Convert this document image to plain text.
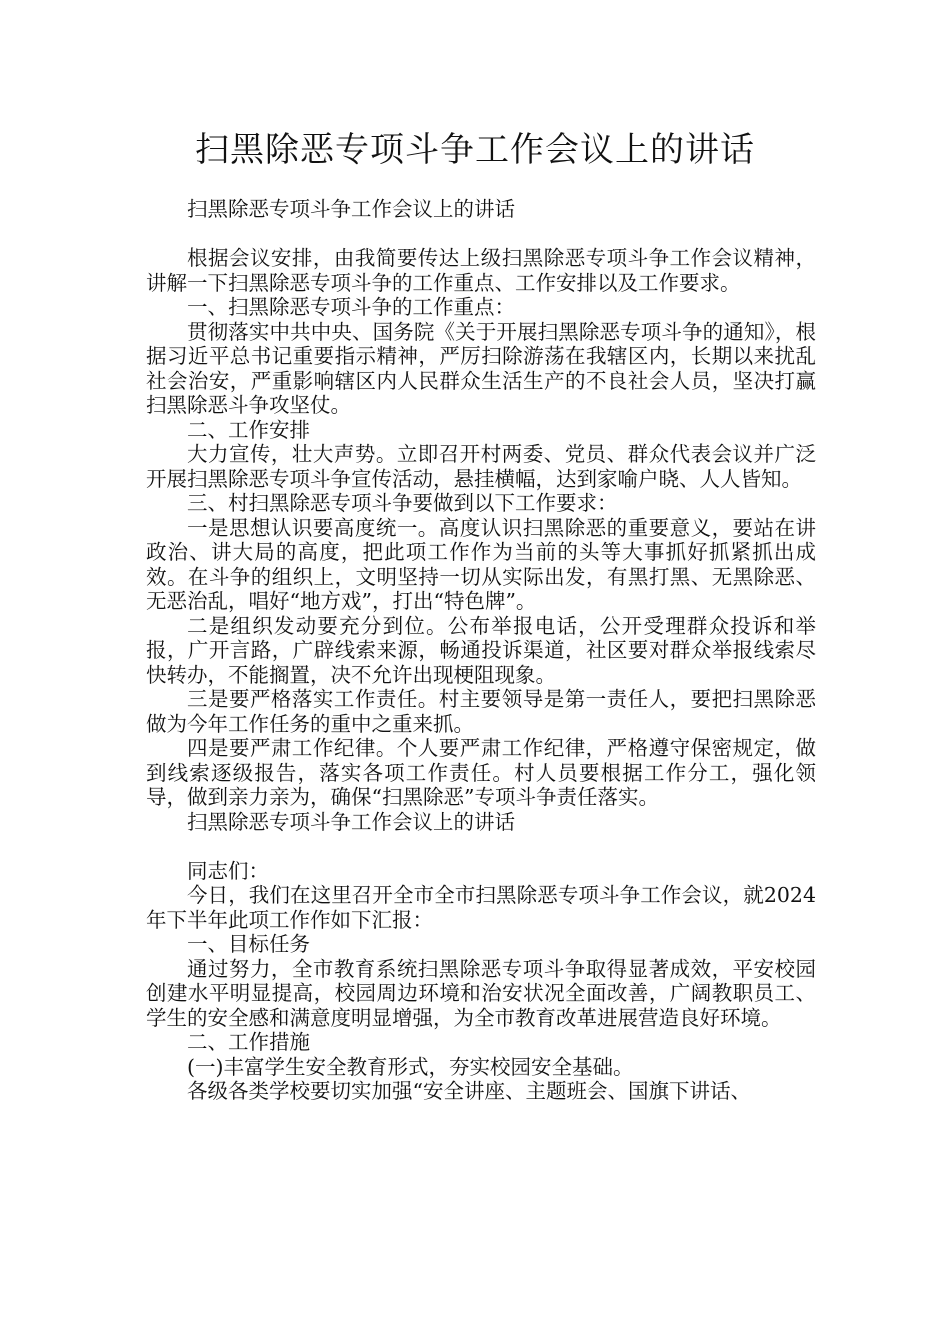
扫黑除恶专项斗争工作会议上的讲话

扫黑除恶专项斗争工作会议上的讲话

根据会议安排，由我简要传达上级扫黑除恶专项斗争工作会议精神，讲解一下扫黑除恶专项斗争的工作重点、工作安排以及工作要求。

一、扫黑除恶专项斗争的工作重点：

贯彻落实中共中央、国务院《关于开展扫黑除恶专项斗争的通知》，根据习近平总书记重要指示精神，严厉扫除游荡在我辖区内，长期以来扰乱社会治安，严重影响辖区内人民群众生活生产的不良社会人员，坚决打赢扫黑除恶斗争攻坚仗。

二、工作安排

大力宣传，壮大声势。立即召开村两委、党员、群众代表会议并广泛开展扫黑除恶专项斗争宣传活动，悬挂横幅，达到家喻户晓、人人皆知。

三、村扫黑除恶专项斗争要做到以下工作要求：

一是思想认识要高度统一。高度认识扫黑除恶的重要意义，要站在讲政治、讲大局的高度，把此项工作作为当前的头等大事抓好抓紧抓出成效。在斗争的组织上，文明坚持一切从实际出发，有黑打黑、无黑除恶、无恶治乱，唱好“地方戏”，打出“特色牌”。

二是组织发动要充分到位。公布举报电话，公开受理群众投诉和举报，广开言路，广辟线索来源，畅通投诉渠道，社区要对群众举报线索尽快转办，不能搁置，决不允许出现梗阻现象。

三是要严格落实工作责任。村主要领导是第一责任人，要把扫黑除恶做为今年工作任务的重中之重来抓。

四是要严肃工作纪律。个人要严肃工作纪律，严格遵守保密规定，做到线索逐级报告，落实各项工作责任。村人员要根据工作分工，强化领导，做到亲力亲为，确保“扫黑除恶”专项斗争责任落实。

扫黑除恶专项斗争工作会议上的讲话

同志们：

今日，我们在这里召开全市全市扫黑除恶专项斗争工作会议，就2024年下半年此项工作作如下汇报：

一、目标任务

通过努力，全市教育系统扫黑除恶专项斗争取得显著成效，平安校园创建水平明显提高，校园周边环境和治安状况全面改善，广阔教职员工、学生的安全感和满意度明显增强，为全市教育改革进展营造良好环境。

二、工作措施

(一)丰富学生安全教育形式，夯实校园安全基础。

各级各类学校要切实加强“安全讲座、主题班会、国旗下讲话、
